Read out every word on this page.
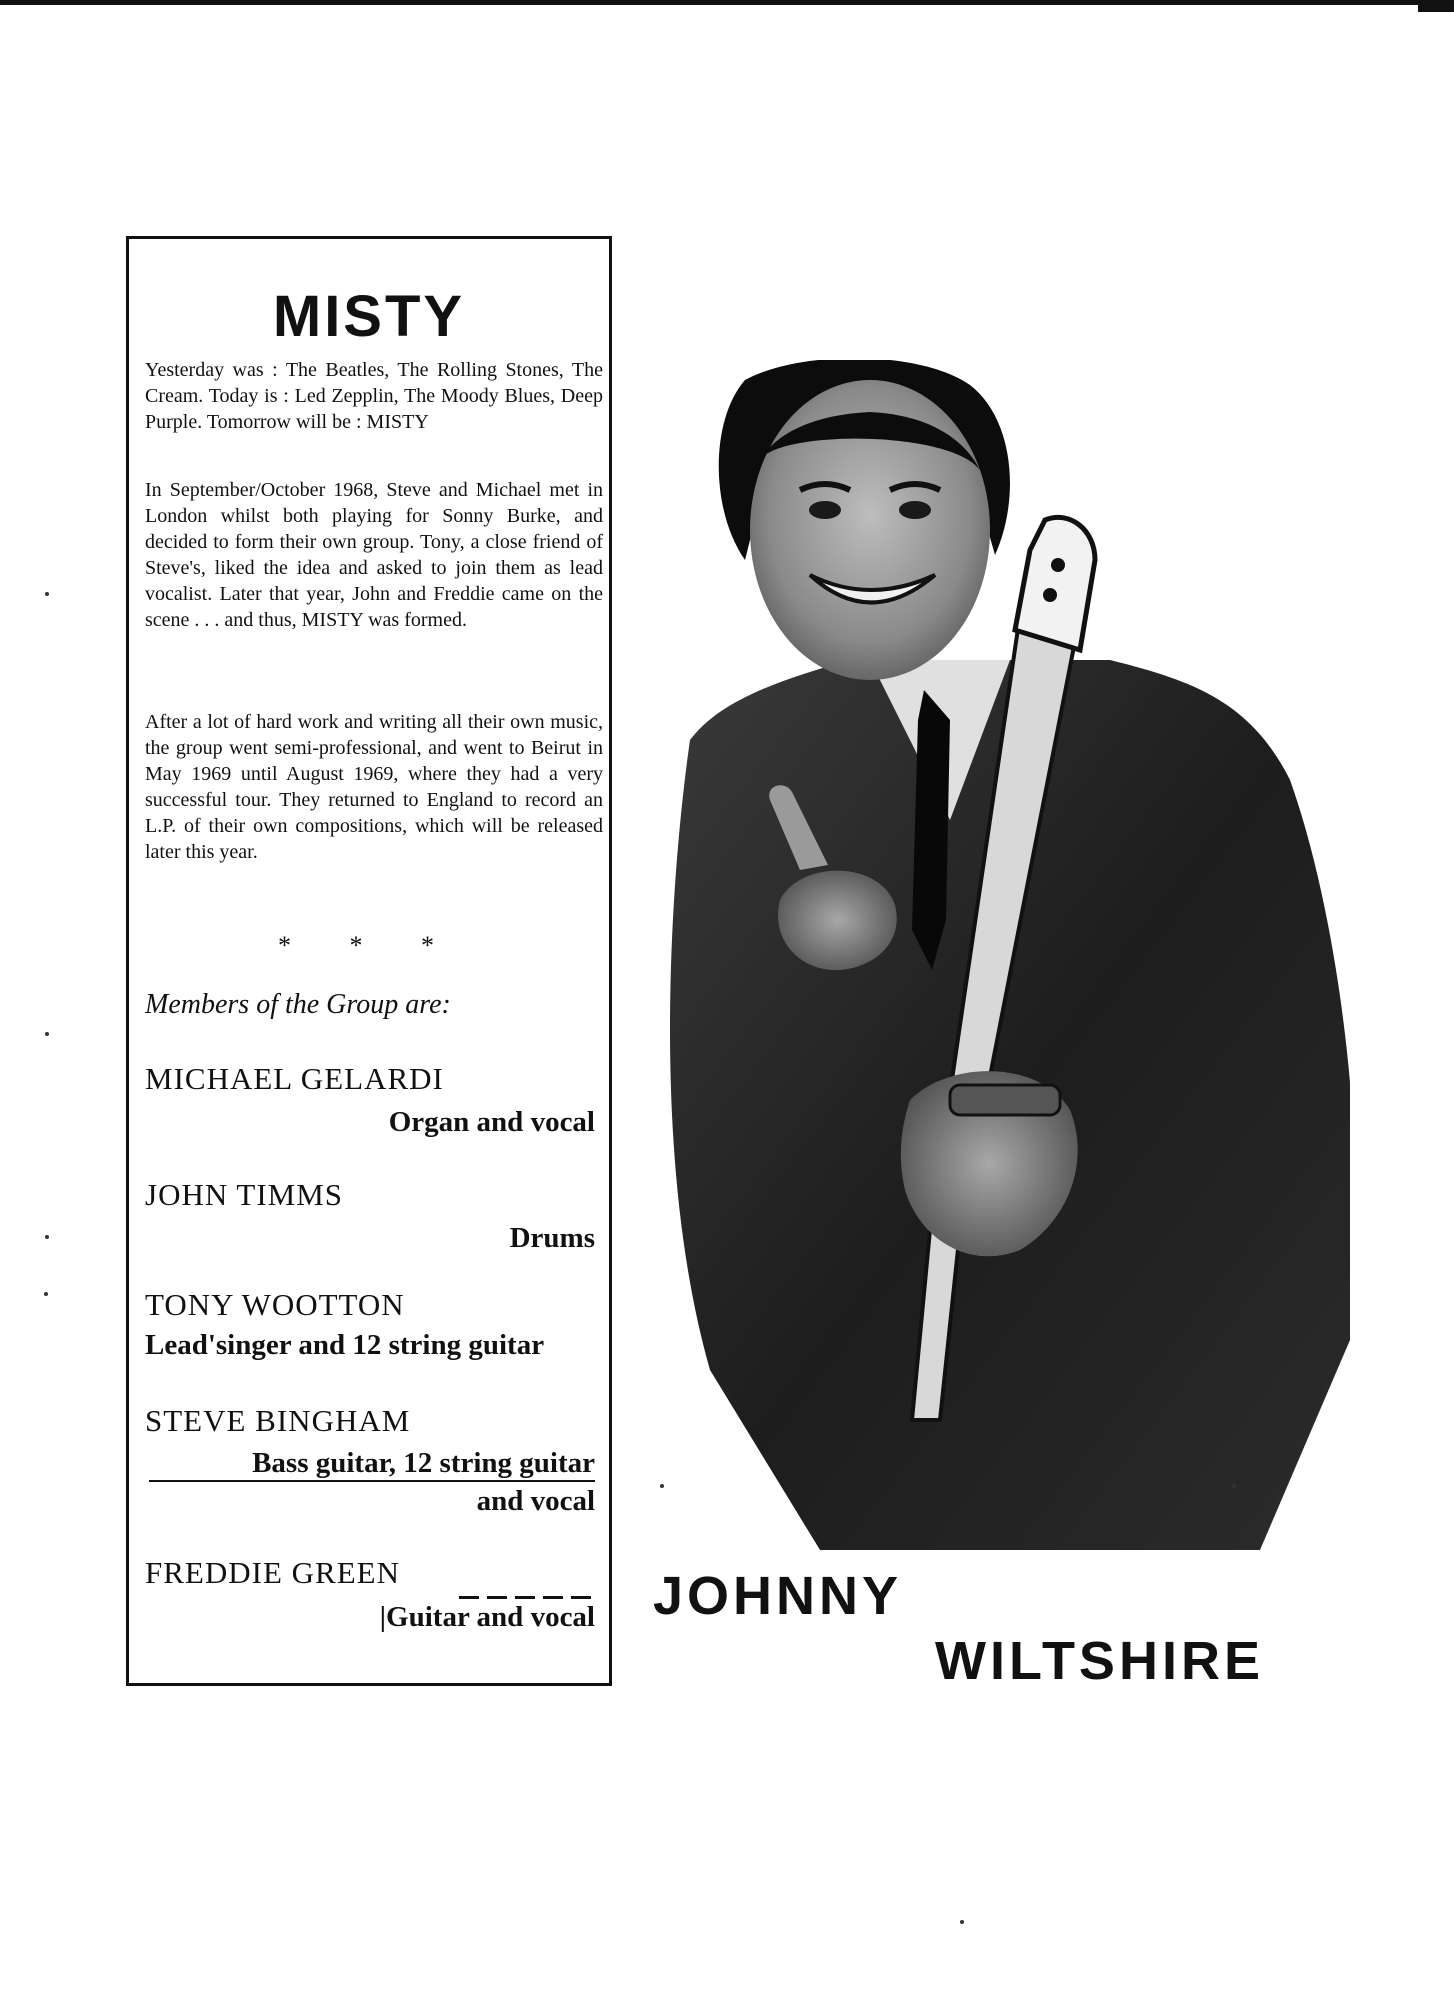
MISTY

Yesterday was : The Beatles, The Rolling Stones, The Cream. Today is : Led Zepplin, The Moody Blues, Deep Purple. Tomorrow will be : MISTY

In September/October 1968, Steve and Michael met in London whilst both playing for Sonny Burke, and decided to form their own group. Tony, a close friend of Steve's, liked the idea and asked to join them as lead vocalist. Later that year, John and Freddie came on the scene . . . and thus, MISTY was formed.

After a lot of hard work and writing all their own music, the group went semi-professional, and went to Beirut in May 1969 until August 1969, where they had a very successful tour. They returned to England to record an L.P. of their own compositions, which will be released later this year.

* * *
Members of the Group are:
MICHAEL GELARDI
Organ and vocal
JOHN TIMMS
Drums
TONY WOOTTON
Lead'singer and 12 string guitar
STEVE BINGHAM
Bass guitar, 12 string guitar
and vocal
FREDDIE GREEN
|Guitar and vocal JOHNNY
WILTSHIRE
